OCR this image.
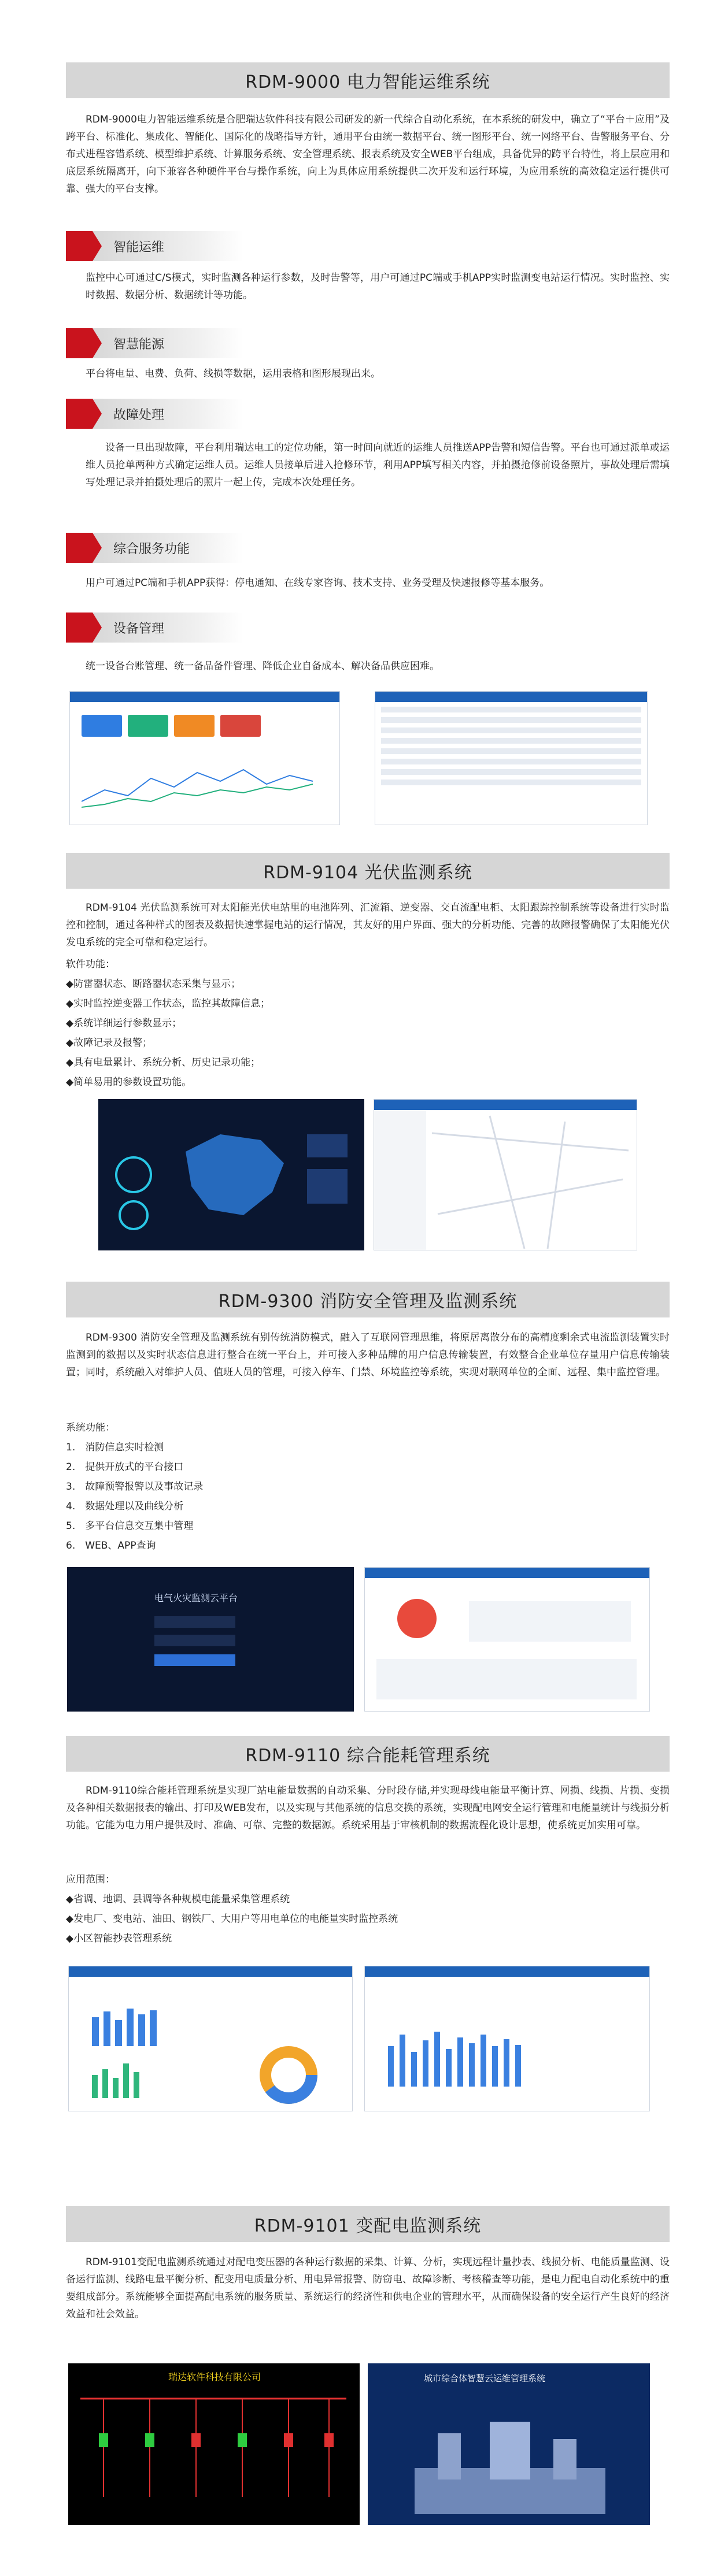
RDM-9000 电力智能运维系统
RDM-9000电力智能运维系统是合肥瑞达软件科技有限公司研发的新一代综合自动化系统，在本系统的研发中，确立了“平台＋应用”及跨平台、标准化、集成化、智能化、国际化的战略指导方针，通用平台由统一数据平台、统一图形平台、统一网络平台、告警服务平台、分布式进程容错系统、模型维护系统、计算服务系统、安全管理系统、报表系统及安全WEB平台组成，具备优异的跨平台特性，将上层应用和底层系统隔离开，向下兼容各种硬件平台与操作系统，向上为具体应用系统提供二次开发和运行环境，为应用系统的高效稳定运行提供可靠、强大的平台支撑。
智能运维
监控中心可通过C/S模式，实时监测各种运行参数，及时告警等，用户可通过PC端或手机APP实时监测变电站运行情况。实时监控、实时数据、数据分析、数据统计等功能。
智慧能源
平台将电量、电费、负荷、线损等数据，运用表格和图形展现出来。
故障处理
设备一旦出现故障，平台利用瑞达电工的定位功能，第一时间向就近的运维人员推送APP告警和短信告警。平台也可通过派单或运维人员抢单两种方式确定运维人员。运维人员接单后进入抢修环节，利用APP填写相关内容，并拍摄抢修前设备照片，事故处理后需填写处理记录并拍摄处理后的照片一起上传，完成本次处理任务。
综合服务功能
用户可通过PC端和手机APP获得：停电通知、在线专家咨询、技术支持、业务受理及快速报修等基本服务。
设备管理
统一设备台账管理、统一备品备件管理、降低企业自备成本、解决备品供应困难。
RDM-9104 光伏监测系统
RDM-9104 光伏监测系统可对太阳能光伏电站里的电池阵列、汇流箱、逆变器、交直流配电柜、太阳跟踪控制系统等设备进行实时监控和控制，通过各种样式的图表及数据快速掌握电站的运行情况，其友好的用户界面、强大的分析功能、完善的故障报警确保了太阳能光伏发电系统的完全可靠和稳定运行。
软件功能：
◆防雷器状态、断路器状态采集与显示；
◆实时监控逆变器工作状态，监控其故障信息；
◆系统详细运行参数显示；
◆故障记录及报警；
◆具有电量累计、系统分析、历史记录功能；
◆简单易用的参数设置功能。
RDM-9300 消防安全管理及监测系统
RDM-9300 消防安全管理及监测系统有别传统消防模式，融入了互联网管理思维，将原居离散分布的高精度剩余式电流监测装置实时监测到的数据以及实时状态信息进行整合在统一平台上，并可接入多种品牌的用户信息传输装置，有效整合企业单位存量用户信息传输装置；同时，系统融入对维护人员、值班人员的管理，可接入停车、门禁、环境监控等系统，实现对联网单位的全面、远程、集中监控管理。
系统功能：
1.　消防信息实时检测
2.　提供开放式的平台接口
3.　故障预警报警以及事故记录
4.　数据处理以及曲线分析
5.　多平台信息交互集中管理
6.　WEB、APP查询
电气火灾监测云平台
RDM-9110 综合能耗管理系统
RDM-9110综合能耗管理系统是实现厂站电能量数据的自动采集、分时段存储,并实现母线电能量平衡计算、网损、线损、片损、变损及各种相关数据报表的输出、打印及WEB发布，以及实现与其他系统的信息交换的系统，实现配电网安全运行管理和电能量统计与线损分析功能。它能为电力用户提供及时、准确、可靠、完整的数据源。系统采用基于审核机制的数据流程化设计思想，使系统更加实用可靠。
应用范围：
◆省调、地调、县调等各种规模电能量采集管理系统
◆发电厂、变电站、油田、钢铁厂、大用户等用电单位的电能量实时监控系统
◆小区智能抄表管理系统
RDM-9101 变配电监测系统
RDM-9101变配电监测系统通过对配电变压器的各种运行数据的采集、计算、分析，实现远程计量抄表、线损分析、电能质量监测、设备运行监测、线路电量平衡分析、配变用电质量分析、用电异常报警、防窃电、故障诊断、考核稽查等功能，是电力配电自动化系统中的重要组成部分。系统能够全面提高配电系统的服务质量、系统运行的经济性和供电企业的管理水平，从而确保设备的安全运行产生良好的经济效益和社会效益。
瑞达软件科技有限公司	城市综合体智慧云运维管理系统
